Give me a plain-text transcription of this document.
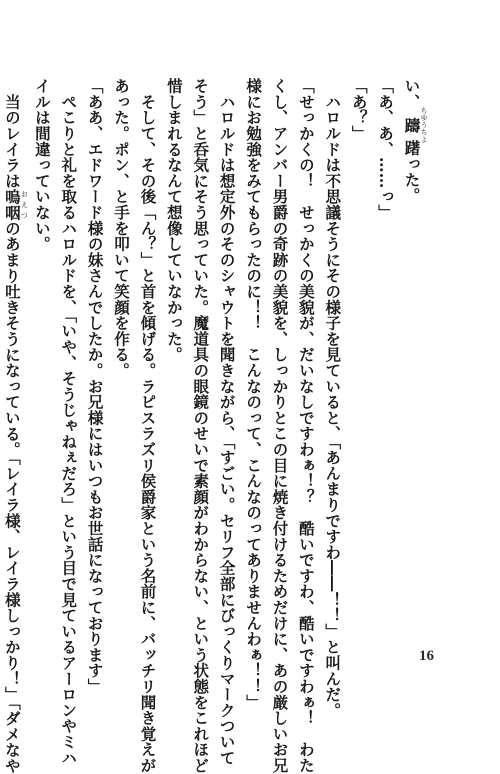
い、躊ちゆうちよ躇った。
「あ、あ、……っ」
「あ？」
　ハロルドは不思議そうにその様子を見ていると、「あんまりですわ――！！」と叫んだ。
「せっかくの！　せっかくの美貌が、だいなしですわぁ！？　酷いですわ、酷いですわぁ！　わた
くし、アンバー男爵の奇跡の美貌を、しっかりとこの目に焼き付けるためだけに、あの厳しいお兄
様にお勉強をみてもらったのに！！　こんなのって、こんなのってありませんわぁ！！」
　ハロルドは想定外のそのシャウトを聞きながら、「すごい。セリフ全部にびっくりマークついて
そう」と呑気にそう思っていた。魔道具の眼鏡のせいで素顔がわからない、という状態をこれほど
惜しまれるなんて想像していなかった。
　そして、その後「ん？」と首を傾げる。ラピスラズリ侯爵家という名前に、バッチリ聞き覚えが
あった。ポン、と手を叩いて笑顔を作る。
「ああ、エドワード様の妹さんでしたか。お兄様にはいつもお世話になっております」
　ぺこりと礼を取るハロルドを、「いや、そうじゃねぇだろ」という目で見ているアーロンやミハ
イルは間違っていない。
　当のレイラは嗚咽おえつのあまり吐きそうになっている。「レイラ様、レイラ様しっかり！」「ダメなや	16
